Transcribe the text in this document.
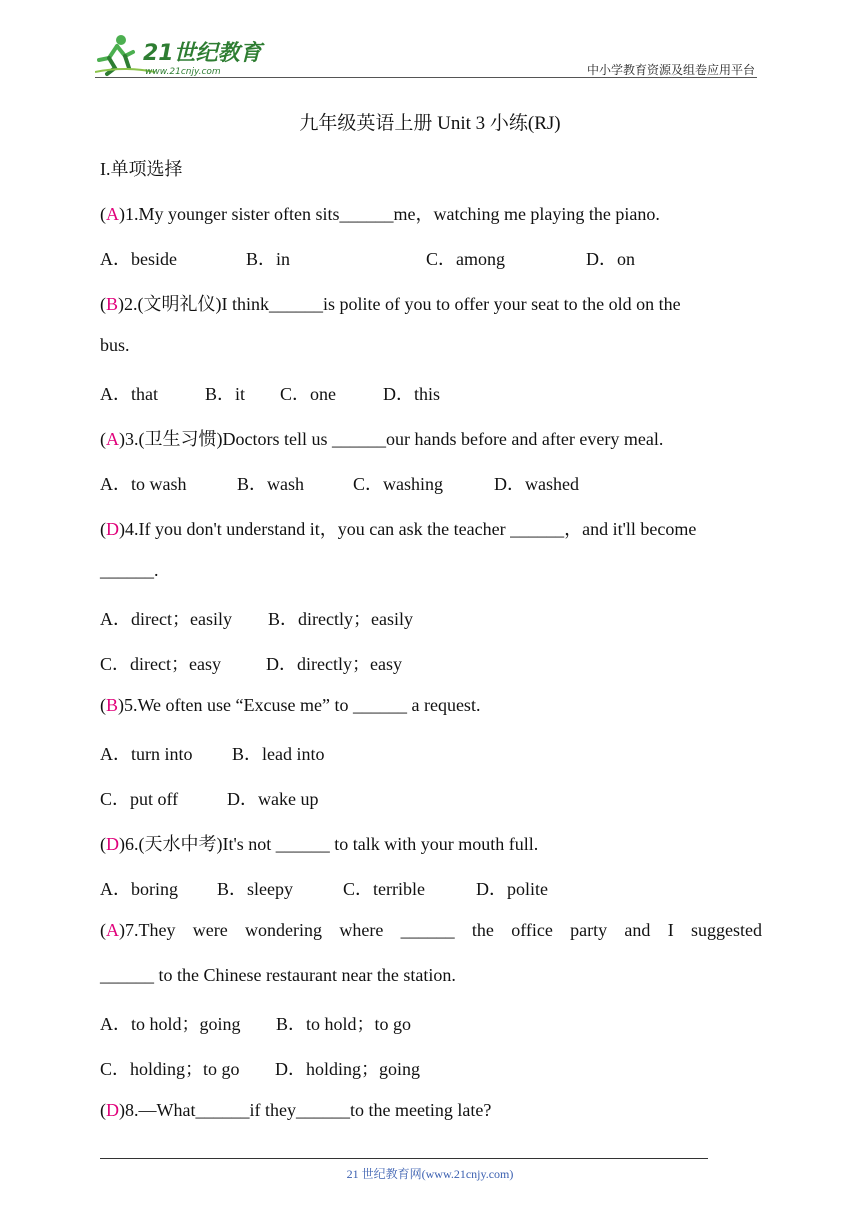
21世纪教育
www.21cnjy.com	中小学教育资源及组卷应用平台
九年级英语上册 Unit 3 小练(RJ)
I.单项选择
(A)1.My younger sister often sits______me，watching me playing the piano.
A．beside	B．in	C．among	D．on
(B)2.(文明礼仪)I think______is polite of you to offer your seat to the old on the
bus.
A．that	B．it C．one	D．this
(A)3.(卫生习惯)Doctors tell us ______our hands before and after every meal.
A．to wash	B．wash	C．washing	D．washed
(D)4.If you don't understand it，you can ask the teacher ______，and it'll become
______.
A．direct；easily B．directly；easily
C．direct；easy	D．directly；easy
(B)5.We often use “Excuse me” to ______ a request.
A．turn into B．lead into
C．put off	D．wake up
(D)6.(天水中考)It's not ______ to talk with your mouth full.
A．boring B．sleepy	C．terrible	D．polite
(A)7.They were wondering where ______ the office party and I suggested
______ to the Chinese restaurant near the station.
A．to hold；going B．to hold；to go
C．holding；to go D．holding；going
(D)8.—What______if they______to the meeting late?
21 世纪教育网(www.21cnjy.com)
